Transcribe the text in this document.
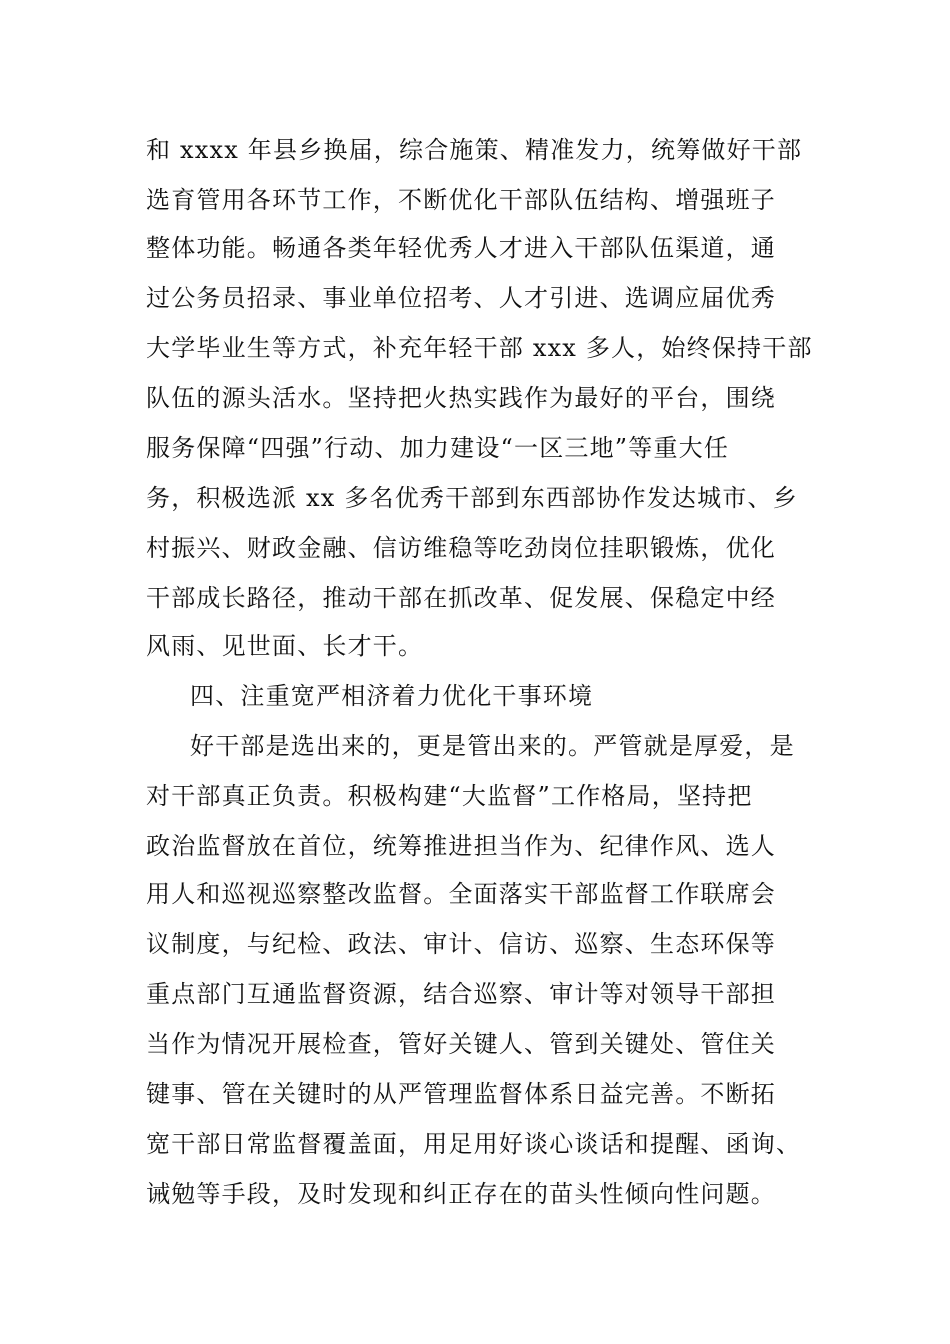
和 xxxx 年县乡换届，综合施策、精准发力，统筹做好干部
选育管用各环节工作，不断优化干部队伍结构、增强班子
整体功能。畅通各类年轻优秀人才进入干部队伍渠道，通
过公务员招录、事业单位招考、人才引进、选调应届优秀
大学毕业生等方式，补充年轻干部 xxx 多人，始终保持干部
队伍的源头活水。坚持把火热实践作为最好的平台，围绕
服务保障“四强”行动、加力建设“一区三地”等重大任
务，积极选派 xx 多名优秀干部到东西部协作发达城市、乡
村振兴、财政金融、信访维稳等吃劲岗位挂职锻炼，优化
干部成长路径，推动干部在抓改革、促发展、保稳定中经
风雨、见世面、长才干。
四、注重宽严相济着力优化干事环境
好干部是选出来的，更是管出来的。严管就是厚爱，是
对干部真正负责。积极构建“大监督”工作格局，坚持把
政治监督放在首位，统筹推进担当作为、纪律作风、选人
用人和巡视巡察整改监督。全面落实干部监督工作联席会
议制度，与纪检、政法、审计、信访、巡察、生态环保等
重点部门互通监督资源，结合巡察、审计等对领导干部担
当作为情况开展检查，管好关键人、管到关键处、管住关
键事、管在关键时的从严管理监督体系日益完善。不断拓
宽干部日常监督覆盖面，用足用好谈心谈话和提醒、函询、
诫勉等手段，及时发现和纠正存在的苗头性倾向性问题。
